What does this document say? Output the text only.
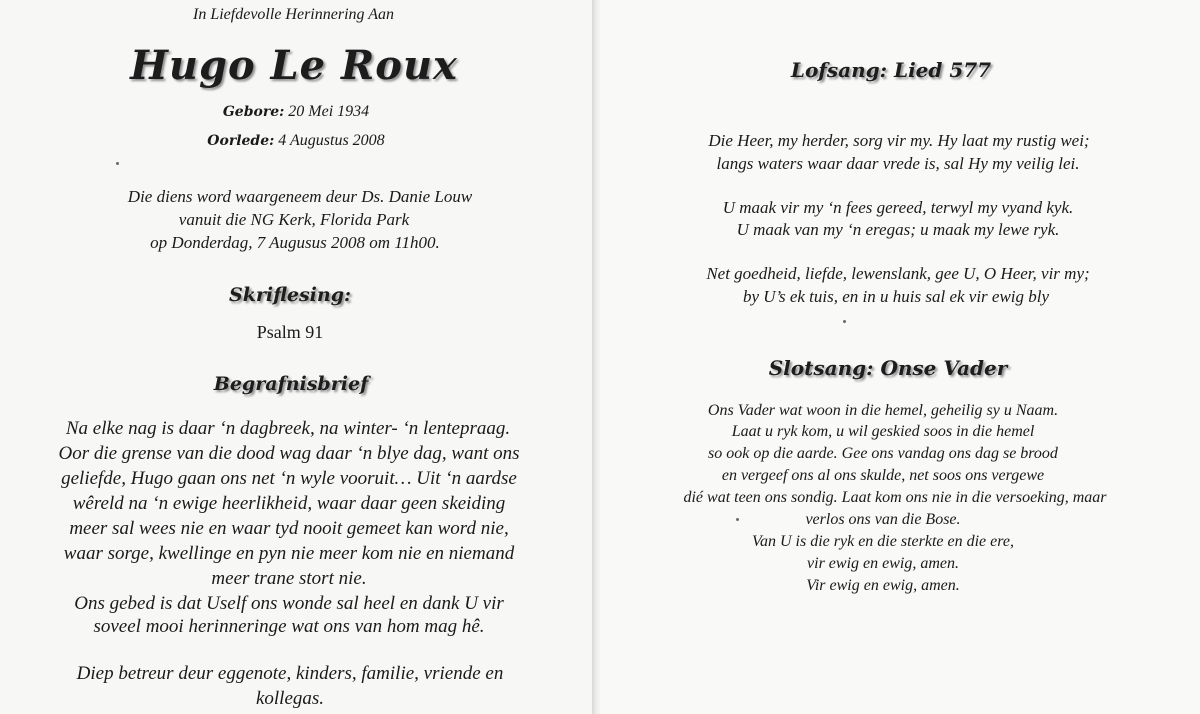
In Liefdevolle Herinnering Aan
Hugo Le Roux
Gebore: 20 Mei 1934
Oorlede: 4 Augustus 2008
Die diens word waargeneem deur Ds. Danie Louw
vanuit die NG Kerk, Florida Park
op Donderdag, 7 Augusus 2008 om 11h00.
Skriflesing:
Psalm 91
Begrafnisbrief
Na elke nag is daar ‘n dagbreek, na winter- ‘n lentepraag.
Oor die grense van die dood wag daar ‘n blye dag, want ons
geliefde, Hugo gaan ons net ‘n wyle vooruit… Uit ‘n aardse
wêreld na ‘n ewige heerlikheid, waar daar geen skeiding
meer sal wees nie en waar tyd nooit gemeet kan word nie,
waar sorge, kwellinge en pyn nie meer kom nie en niemand
meer trane stort nie.
Ons gebed is dat Uself ons wonde sal heel en dank U vir
soveel mooi herinneringe wat ons van hom mag hê.
Diep betreur deur eggenote, kinders, familie, vriende en
kollegas.
Lofsang: Lied 577
Die Heer, my herder, sorg vir my. Hy laat my rustig wei;
langs waters waar daar vrede is, sal Hy my veilig lei.
U maak vir my ‘n fees gereed, terwyl my vyand kyk.
U maak van my ‘n eregas; u maak my lewe ryk.
Net goedheid, liefde, lewenslank, gee U, O Heer, vir my;
by U’s ek tuis, en in u huis sal ek vir ewig bly
Slotsang: Onse Vader
Ons Vader wat woon in die hemel, geheilig sy u Naam.
Laat u ryk kom, u wil geskied soos in die hemel
so ook op die aarde. Gee ons vandag ons dag se brood
en vergeef ons al ons skulde, net soos ons vergewe
dié wat teen ons sondig. Laat kom ons nie in die versoeking, maar
verlos ons van die Bose.
Van U is die ryk en die sterkte en die ere,
vir ewig en ewig, amen.
Vir ewig en ewig, amen.
